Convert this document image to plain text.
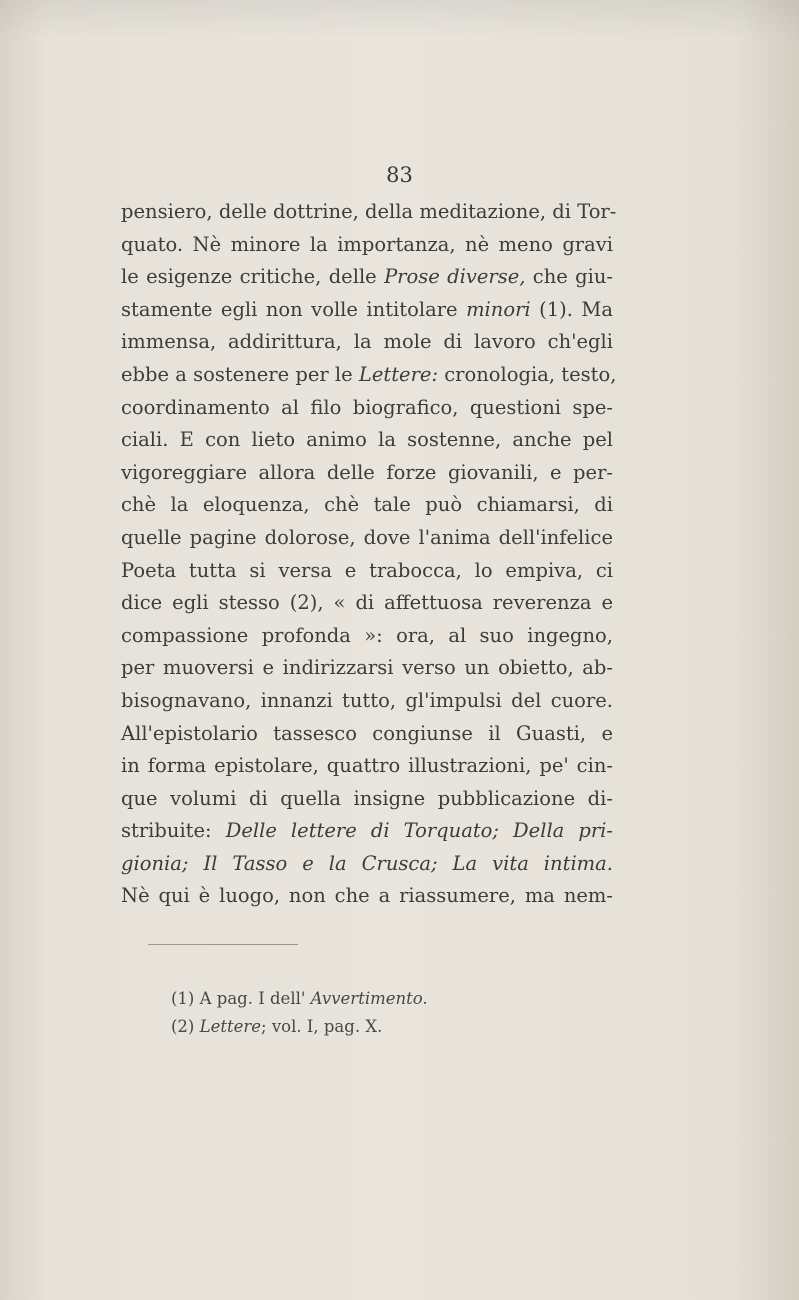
83
pensiero, delle dottrine, della meditazione, di Tor-
quato. Nè minore la importanza, nè meno gravi
le esigenze critiche, delle Prose diverse, che giu-
stamente egli non volle intitolare minori (1). Ma
immensa, addirittura, la mole di lavoro ch'egli
ebbe a sostenere per le Lettere: cronologia, testo,
coordinamento al filo biografico, questioni spe-
ciali. E con lieto animo la sostenne, anche pel
vigoreggiare allora delle forze giovanili, e per-
chè la eloquenza, chè tale può chiamarsi, di
quelle pagine dolorose, dove l'anima dell'infelice
Poeta tutta si versa e trabocca, lo empiva, ci
dice egli stesso (2), « di affettuosa reverenza e
compassione profonda »: ora, al suo ingegno,
per muoversi e indirizzarsi verso un obietto, ab-
bisognavano, innanzi tutto, gl'impulsi del cuore.
All'epistolario tassesco congiunse il Guasti, e
in forma epistolare, quattro illustrazioni, pe' cin-
que volumi di quella insigne pubblicazione di-
stribuite: Delle lettere di Torquato; Della pri-
gionia; Il Tasso e la Crusca; La vita intima.
Nè qui è luogo, non che a riassumere, ma nem-
(1) A pag. I dell' Avvertimento.
(2) Lettere; vol. I, pag. X.
